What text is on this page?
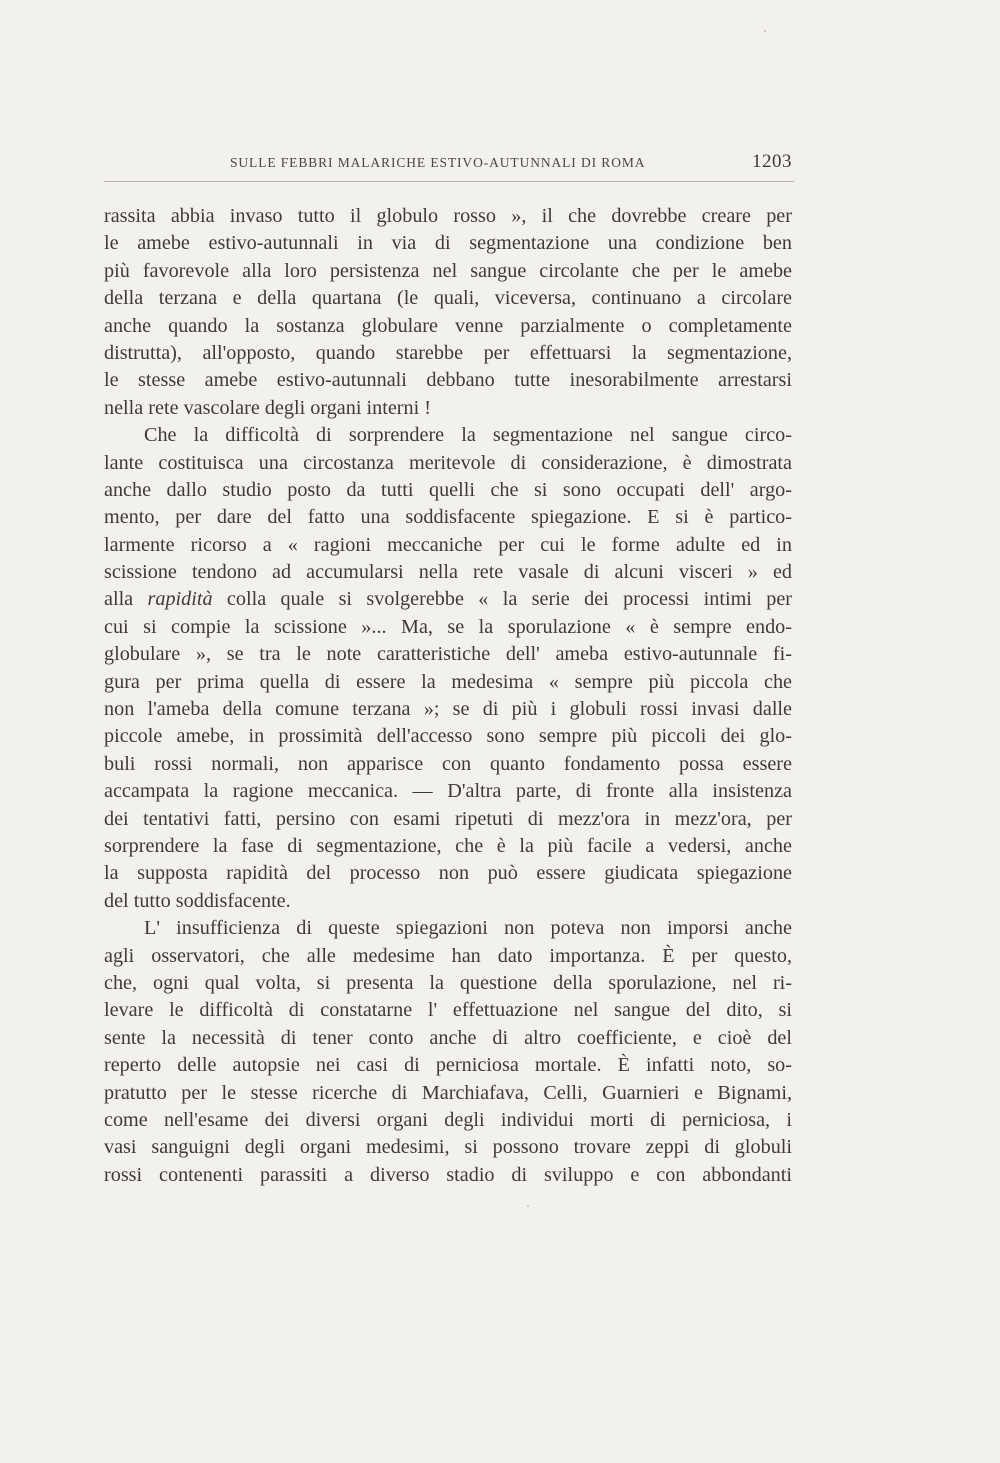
SULLE FEBBRI MALARICHE ESTIVO-AUTUNNALI DI ROMA	1203
rassita abbia invaso tutto il globulo rosso », il che dovrebbe creare per
le amebe estivo-autunnali in via di segmentazione una condizione ben
più favorevole alla loro persistenza nel sangue circolante che per le amebe
della terzana e della quartana (le quali, viceversa, continuano a circolare
anche quando la sostanza globulare venne parzialmente o completamente
distrutta), all'opposto, quando starebbe per effettuarsi la segmentazione,
le stesse amebe estivo-autunnali debbano tutte inesorabilmente arrestarsi
nella rete vascolare degli organi interni !
Che la difficoltà di sorprendere la segmentazione nel sangue circo-
lante costituisca una circostanza meritevole di considerazione, è dimostrata
anche dallo studio posto da tutti quelli che si sono occupati dell' argo-
mento, per dare del fatto una soddisfacente spiegazione. E si è partico-
larmente ricorso a « ragioni meccaniche per cui le forme adulte ed in
scissione tendono ad accumularsi nella rete vasale di alcuni visceri » ed
alla rapidità colla quale si svolgerebbe « la serie dei processi intimi per
cui si compie la scissione »... Ma, se la sporulazione « è sempre endo-
globulare », se tra le note caratteristiche dell' ameba estivo-autunnale fi-
gura per prima quella di essere la medesima « sempre più piccola che
non l'ameba della comune terzana »; se di più i globuli rossi invasi dalle
piccole amebe, in prossimità dell'accesso sono sempre più piccoli dei glo-
buli rossi normali, non apparisce con quanto fondamento possa essere
accampata la ragione meccanica. — D'altra parte, di fronte alla insistenza
dei tentativi fatti, persino con esami ripetuti di mezz'ora in mezz'ora, per
sorprendere la fase di segmentazione, che è la più facile a vedersi, anche
la supposta rapidità del processo non può essere giudicata spiegazione
del tutto soddisfacente.
L' insufficienza di queste spiegazioni non poteva non imporsi anche
agli osservatori, che alle medesime han dato importanza. È per questo,
che, ogni qual volta, si presenta la questione della sporulazione, nel ri-
levare le difficoltà di constatarne l' effettuazione nel sangue del dito, si
sente la necessità di tener conto anche di altro coefficiente, e cioè del
reperto delle autopsie nei casi di perniciosa mortale. È infatti noto, so-
pratutto per le stesse ricerche di Marchiafava, Celli, Guarnieri e Bignami,
come nell'esame dei diversi organi degli individui morti di perniciosa, i
vasi sanguigni degli organi medesimi, si possono trovare zeppi di globuli
rossi contenenti parassiti a diverso stadio di sviluppo e con abbondanti
